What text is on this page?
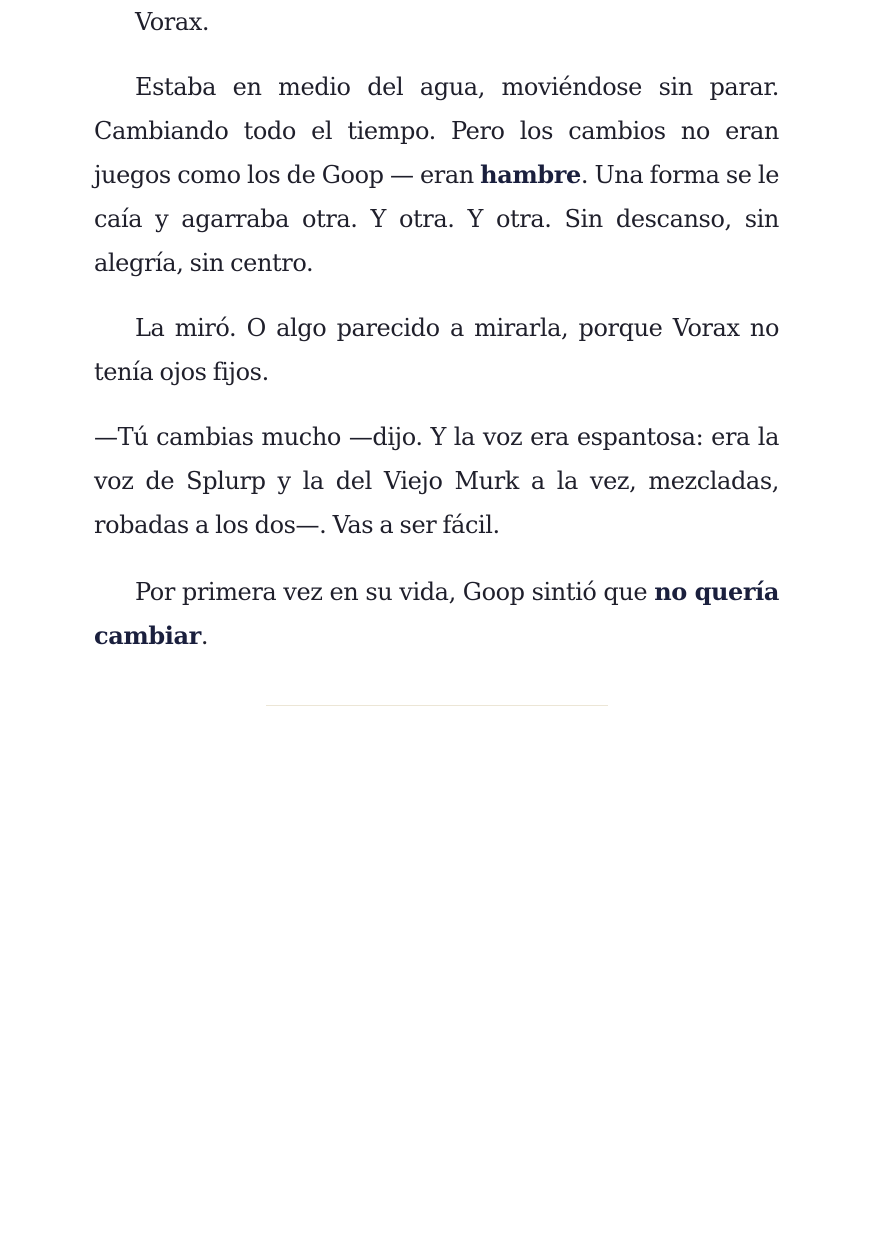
Vorax.

Estaba en medio del agua, moviéndose sin parar. Cambiando todo el tiempo. Pero los cambios no eran juegos como los de Goop — eran hambre. Una forma se le caía y agarraba otra. Y otra. Y otra. Sin descanso, sin alegría, sin centro.

La miró. O algo parecido a mirarla, porque Vorax no tenía ojos fijos.

—Tú cambias mucho —dijo. Y la voz era espantosa: era la voz de Splurp y la del Viejo Murk a la vez, mezcladas, robadas a los dos—. Vas a ser fácil.

Por primera vez en su vida, Goop sintió que no quería cambiar.
